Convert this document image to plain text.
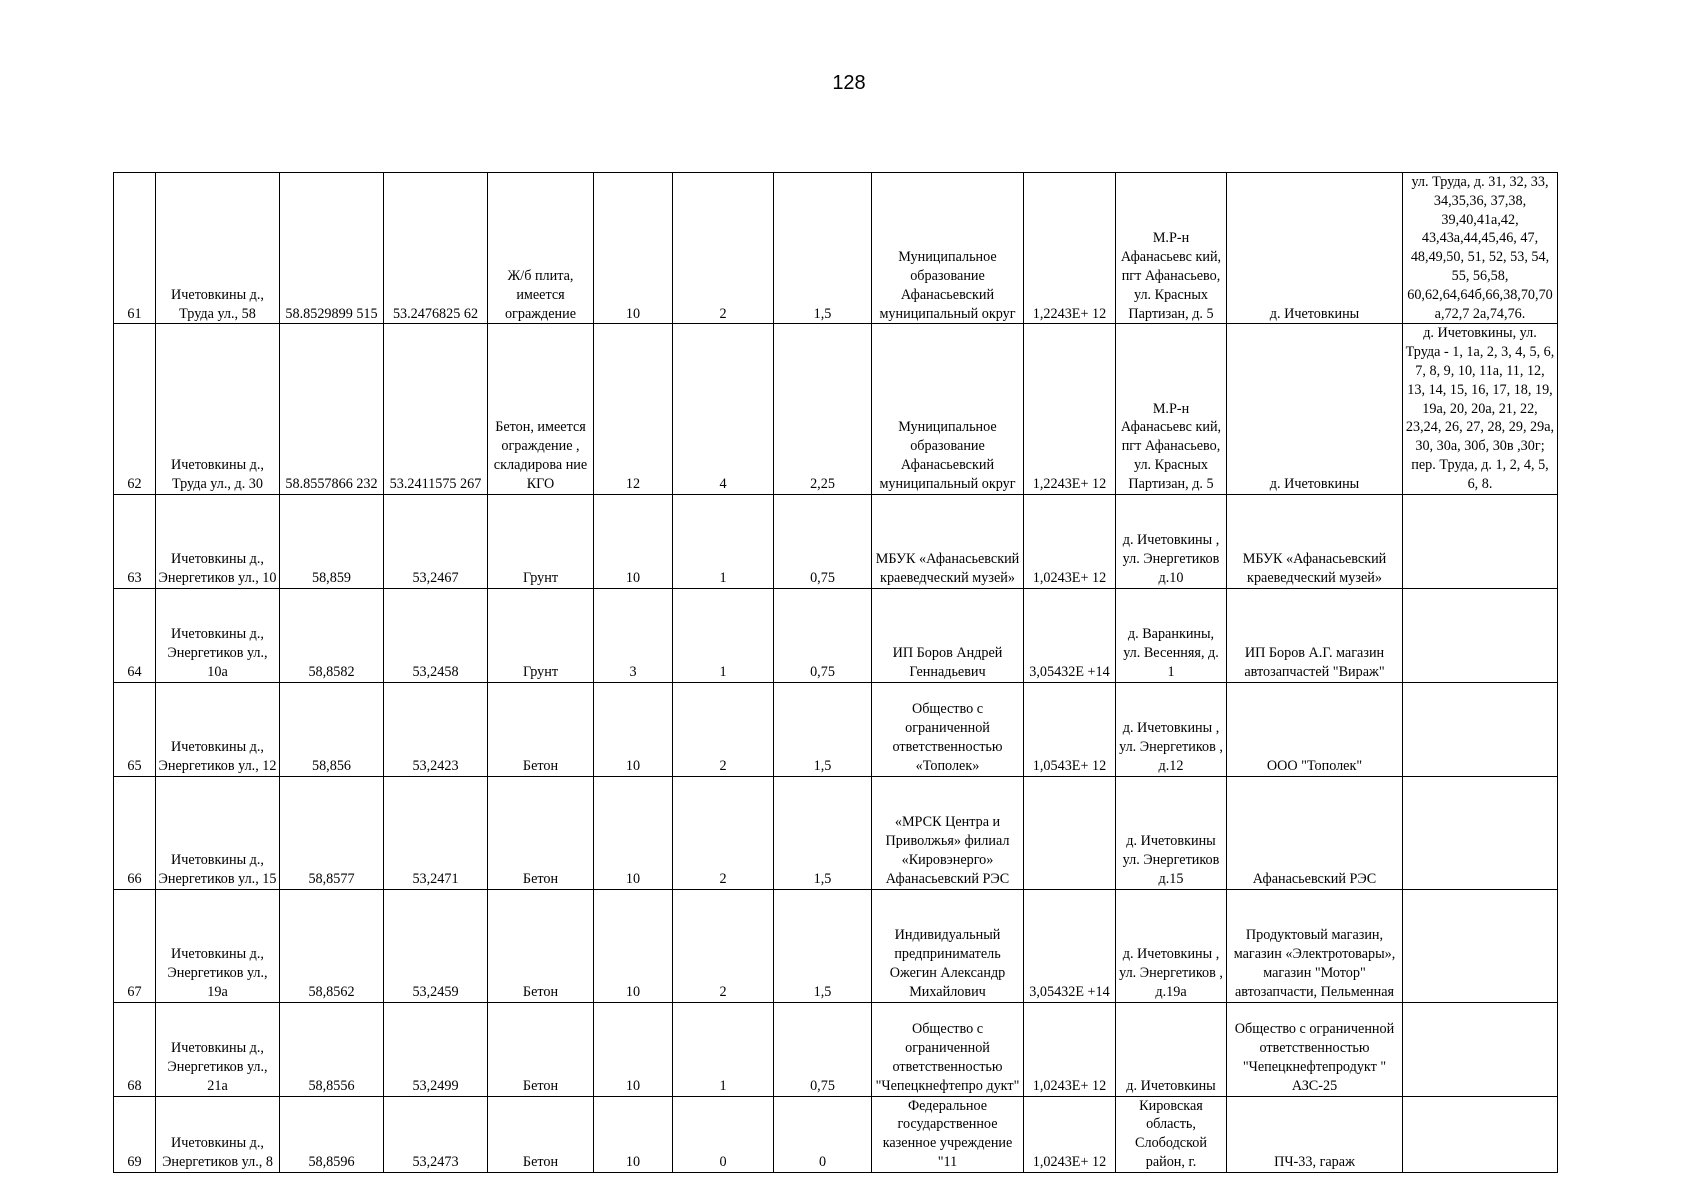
128
61	Ичетовкины д., Труда ул., 58	58.8529899 515	53.2476825 62	Ж/б плита, имеется ограждение	10	2	1,5	Муниципальное образование Афанасьевский муниципальный округ	1,2243E+ 12	М.Р-н Афанасьевс кий, пгт Афанасьево, ул. Красных Партизан, д. 5	д. Ичетовкины	ул. Труда, д. 31, 32, 33, 34,35,36, 37,38, 39,40,41а,42, 43,43а,44,45,46, 47, 48,49,50, 51, 52, 53, 54, 55, 56,58, 60,62,64,64б,66,38,70,70а,72,7 2а,74,76.
62	Ичетовкины д., Труда ул., д. 30	58.8557866 232	53.2411575 267	Бетон, имеется ограждение , складирова ние КГО	12	4	2,25	Муниципальное образование Афанасьевский муниципальный округ	1,2243E+ 12	М.Р-н Афанасьевс кий, пгт Афанасьево, ул. Красных Партизан, д. 5	д. Ичетовкины	д. Ичетовкины, ул. Труда - 1, 1а, 2, 3, 4, 5, 6, 7, 8, 9, 10, 11а, 11, 12, 13, 14, 15, 16, 17, 18, 19, 19а, 20, 20а, 21, 22, 23,24, 26, 27, 28, 29, 29а, 30, 30а, 30б, 30в ,30г; пер. Труда, д. 1, 2, 4, 5, 6, 8.
63	Ичетовкины д., Энергетиков ул., 10	58,859	53,2467	Грунт	10	1	0,75	МБУК «Афанасьевский краеведческий музей»	1,0243E+ 12	д. Ичетовкины , ул. Энергетиков д.10	МБУК «Афанасьевский краеведческий музей»	
64	Ичетовкины д., Энергетиков ул., 10а	58,8582	53,2458	Грунт	3	1	0,75	ИП Боров Андрей Геннадьевич	3,05432E +14	д. Варанкины, ул. Весенняя, д. 1	ИП Боров А.Г. магазин автозапчастей "Вираж"	
65	Ичетовкины д., Энергетиков ул., 12	58,856	53,2423	Бетон	10	2	1,5	Общество с ограниченной ответственностью «Тополек»	1,0543E+ 12	д. Ичетовкины , ул. Энергетиков , д.12	ООО "Тополек"	
66	Ичетовкины д., Энергетиков ул., 15	58,8577	53,2471	Бетон	10	2	1,5	«МРСК Центра и Приволжья» филиал «Кировэнерго» Афанасьевский РЭС		д. Ичетовкины ул. Энергетиков д.15	Афанасьевский РЭС	
67	Ичетовкины д., Энергетиков ул., 19а	58,8562	53,2459	Бетон	10	2	1,5	Индивидуальный предприниматель Ожегин Александр Михайлович	3,05432E +14	д. Ичетовкины , ул. Энергетиков , д.19а	Продуктовый магазин, магазин «Электротовары», магазин "Мотор" автозапчасти, Пельменная	
68	Ичетовкины д., Энергетиков ул., 21а	58,8556	53,2499	Бетон	10	1	0,75	Общество с ограниченной ответственностью "Чепецкнефтепро дукт"	1,0243E+ 12	д. Ичетовкины	Общество с ограниченной ответственностью "Чепецкнефтепродукт " АЗС-25	
69	Ичетовкины д., Энергетиков ул., 8	58,8596	53,2473	Бетон	10	0	0	Федеральное государственное казенное учреждение "11	1,0243E+ 12	Кировская область, Слободской район, г.	ПЧ-33, гараж	
